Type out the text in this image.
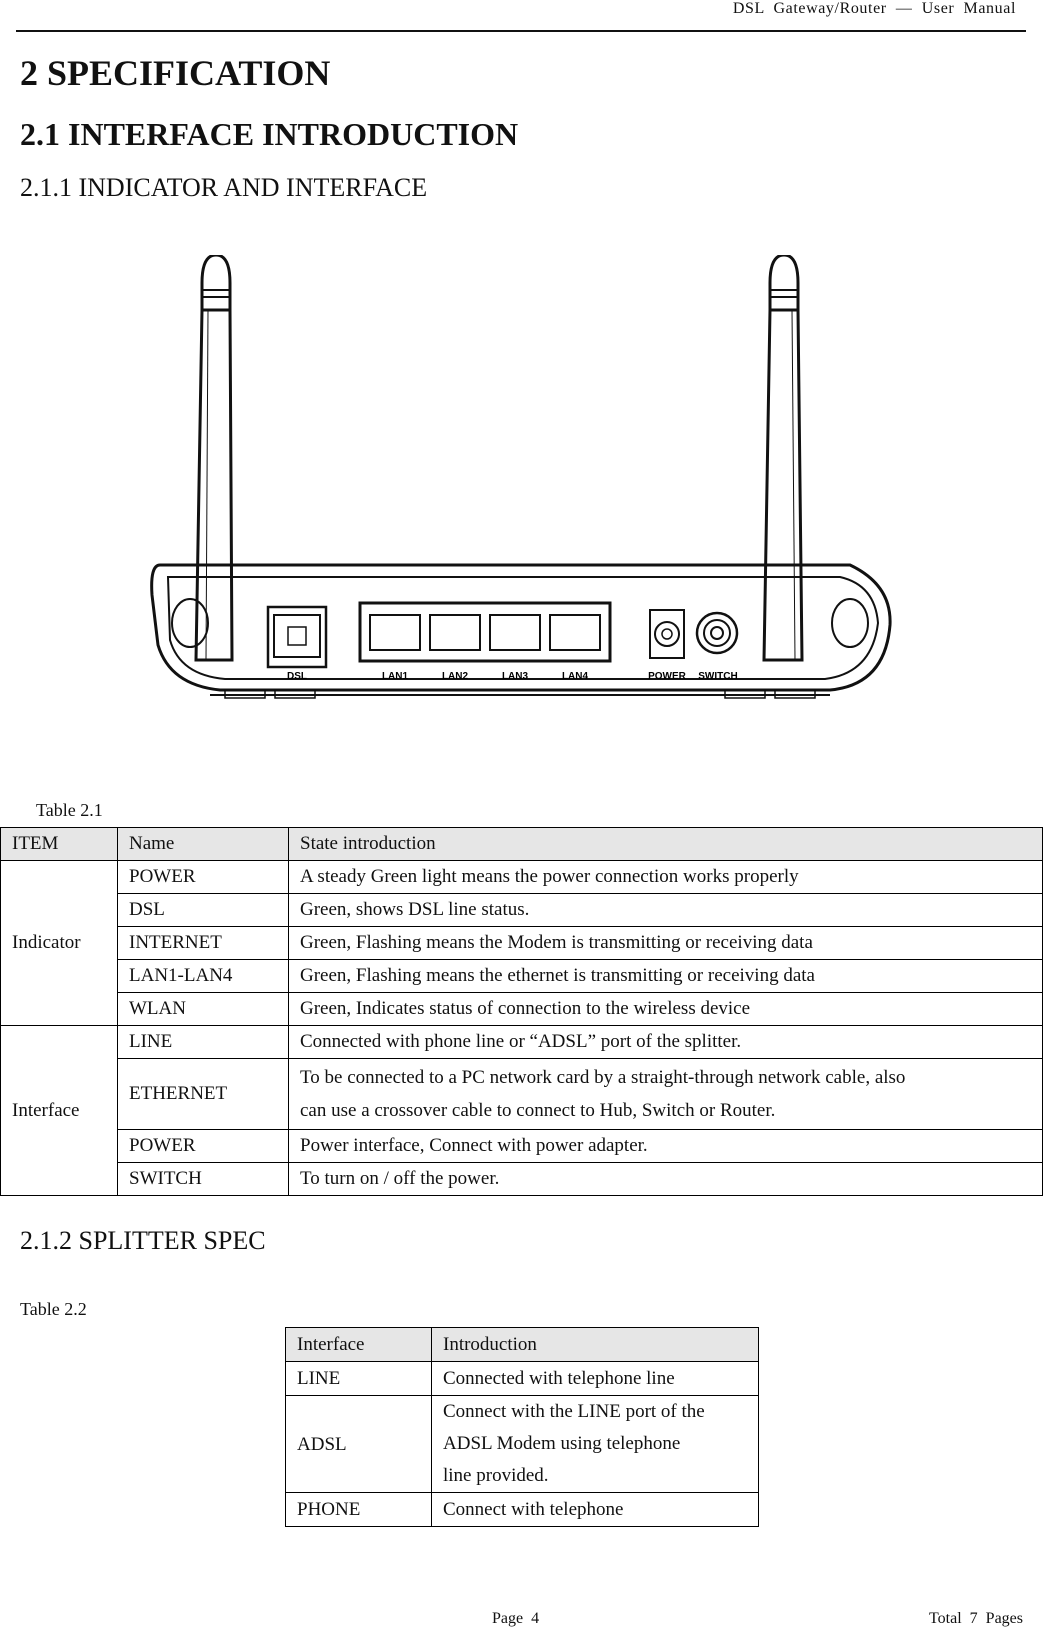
DSL  Gateway/Router  —  User  Manual
2 SPECIFICATION
2.1 INTERFACE INTRODUCTION
2.1.1 INDICATOR AND INTERFACE
DSL	LAN1	LAN2	LAN3	LAN4	POWER SWITCH
Table 2.1
ITEM	Name	State introduction
Indicator	POWER	A steady Green light means the power connection works properly
	DSL	Green, shows DSL line status.
	INTERNET	Green, Flashing means the Modem is transmitting or receiving data
	LAN1-LAN4	Green, Flashing means the ethernet is transmitting or receiving data
	WLAN	Green, Indicates status of connection to the wireless device
Interface	LINE	Connected with phone line or “ADSL” port of the splitter.
	ETHERNET	To be connected to a PC network card by a straight-through network cable, also
can use a crossover cable to connect to Hub, Switch or Router.

	POWER	Power interface, Connect with power adapter.
	SWITCH	To turn on / off the power.
2.1.2 SPLITTER SPEC
Table 2.2
Interface	Introduction
LINE	Connected with telephone line
ADSL	Connect with the LINE port of the
ADSL Modem using telephone
line provided.

PHONE	Connect with telephone
Page  4	Total  7  Pages
